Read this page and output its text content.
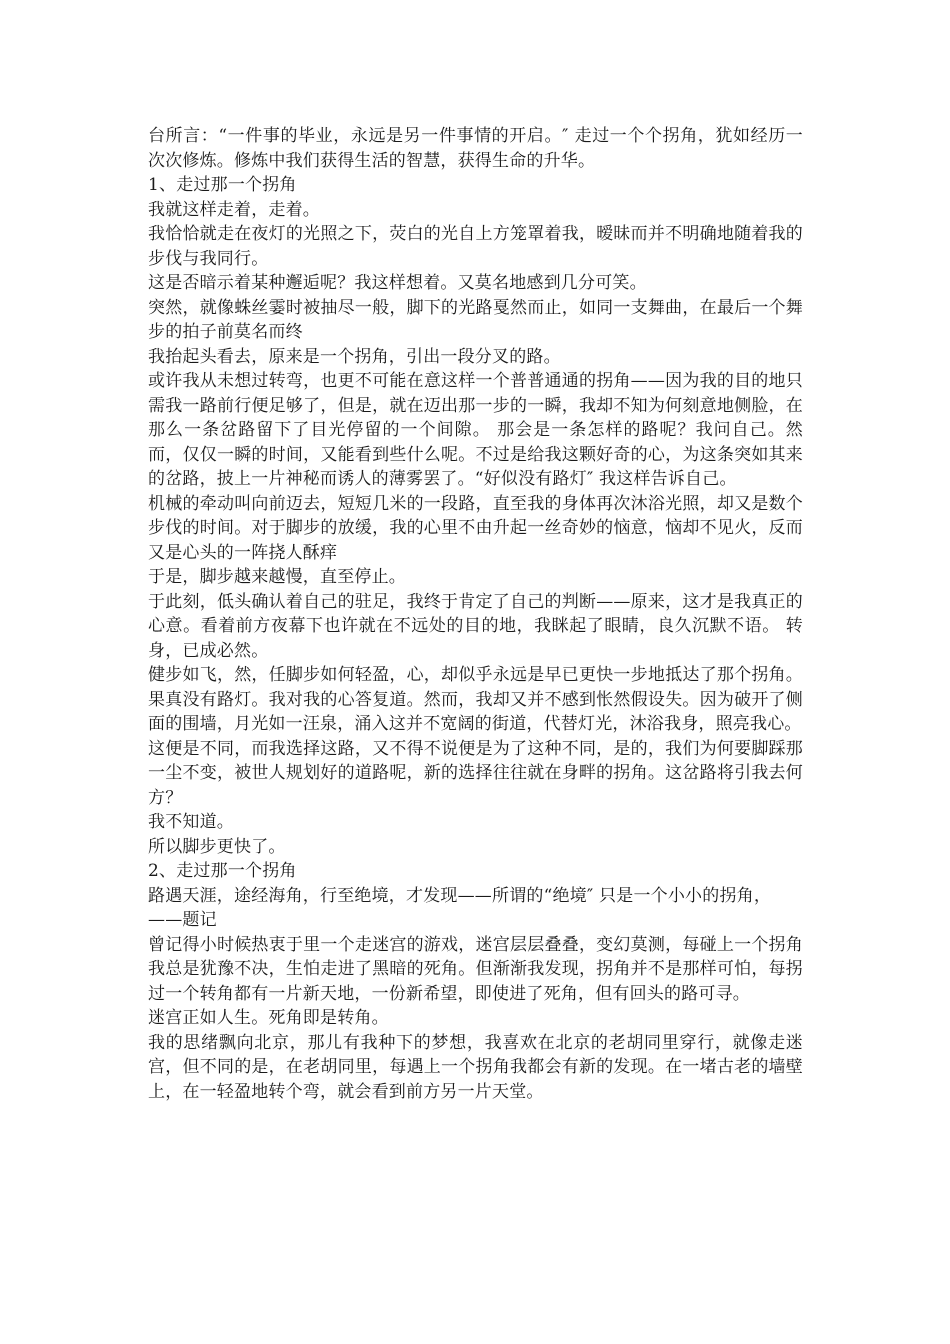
台所言：“一件事的毕业，永远是另一件事情的开启。″ 走过一个个拐角，犹如经历一次次修炼。修炼中我们获得生活的智慧，获得生命的升华。

1、走过那一个拐角

我就这样走着，走着。

我恰恰就走在夜灯的光照之下，荧白的光自上方笼罩着我，暧昧而并不明确地随着我的步伐与我同行。

这是否暗示着某种邂逅呢？我这样想着。又莫名地感到几分可笑。

突然，就像蛛丝霎时被抽尽一般，脚下的光路戛然而止，如同一支舞曲，在最后一个舞步的拍子前莫名而终

我抬起头看去，原来是一个拐角，引出一段分叉的路。

或许我从未想过转弯，也更不可能在意这样一个普普通通的拐角——因为我的目的地只需我一路前行便足够了，但是，就在迈出那一步的一瞬，我却不知为何刻意地侧脸，在那么一条岔路留下了目光停留的一个间隙。 那会是一条怎样的路呢？我问自己。然而，仅仅一瞬的时间，又能看到些什么呢。不过是给我这颗好奇的心，为这条突如其来的岔路，披上一片神秘而诱人的薄雾罢了。“好似没有路灯″ 我这样告诉自己。

机械的牵动叫向前迈去，短短几米的一段路，直至我的身体再次沐浴光照，却又是数个步伐的时间。对于脚步的放缓，我的心里不由升起一丝奇妙的恼意，恼却不见火，反而又是心头的一阵挠人酥痒

于是，脚步越来越慢，直至停止。

于此刻，低头确认着自己的驻足，我终于肯定了自己的判断——原来，这才是我真正的心意。看着前方夜幕下也许就在不远处的目的地，我眯起了眼睛，良久沉默不语。 转身，已成必然。

健步如飞，然，任脚步如何轻盈，心，却似乎永远是早已更快一步地抵达了那个拐角。 果真没有路灯。我对我的心答复道。然而，我却又并不感到怅然假设失。因为破开了侧面的围墙，月光如一汪泉，涌入这并不宽阔的街道，代替灯光，沐浴我身，照亮我心。

这便是不同，而我选择这路，又不得不说便是为了这种不同，是的，我们为何要脚踩那一尘不变，被世人规划好的道路呢，新的选择往往就在身畔的拐角。这岔路将引我去何方？

我不知道。

所以脚步更快了。

2、走过那一个拐角

路遇天涯，途经海角，行至绝境，才发现——所谓的“绝境″ 只是一个小小的拐角，

——题记

曾记得小时候热衷于里一个走迷宫的游戏，迷宫层层叠叠，变幻莫测，每碰上一个拐角我总是犹豫不决，生怕走进了黑暗的死角。但渐渐我发现，拐角并不是那样可怕，每拐过一个转角都有一片新天地，一份新希望，即使进了死角，但有回头的路可寻。

迷宫正如人生。死角即是转角。

我的思绪飘向北京，那儿有我种下的梦想，我喜欢在北京的老胡同里穿行，就像走迷宫，但不同的是，在老胡同里，每遇上一个拐角我都会有新的发现。在一堵古老的墙壁上，在一轻盈地转个弯，就会看到前方另一片天堂。
